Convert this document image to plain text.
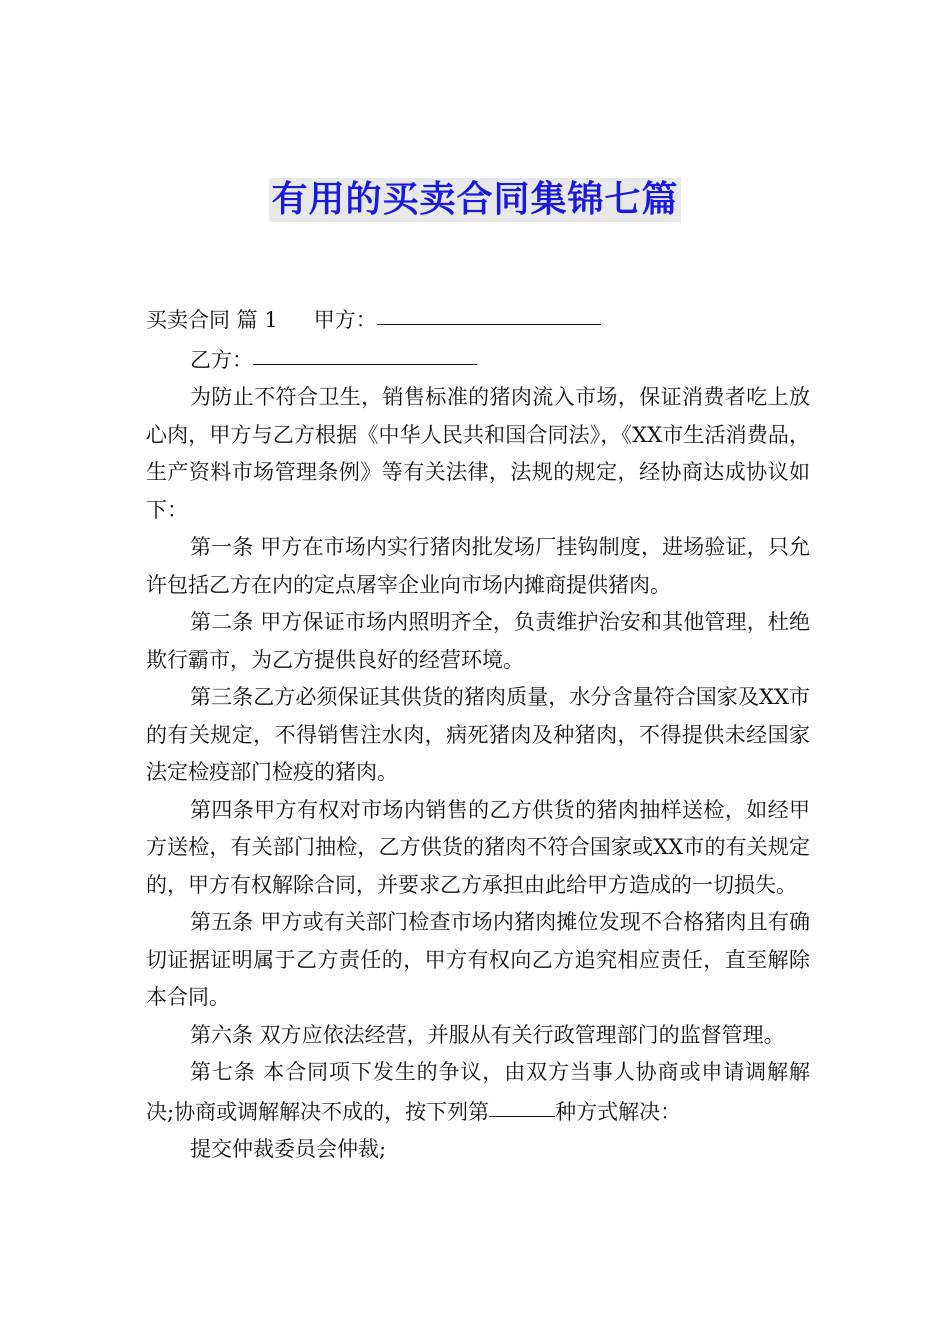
有用的买卖合同集锦七篇

买卖合同 篇 1 甲方：

乙方：

为防止不符合卫生，销售标准的猪肉流入市场，保证消费者吃上放心肉，甲方与乙方根据《中华人民共和国合同法》，《XX市生活消费品，生产资料市场管理条例》等有关法律，法规的规定，经协商达成协议如下：

第一条 甲方在市场内实行猪肉批发场厂挂钩制度，进场验证，只允许包括乙方在内的定点屠宰企业向市场内摊商提供猪肉。

第二条 甲方保证市场内照明齐全，负责维护治安和其他管理，杜绝欺行霸市，为乙方提供良好的经营环境。

第三条乙方必须保证其供货的猪肉质量，水分含量符合国家及XX市的有关规定，不得销售注水肉，病死猪肉及种猪肉，不得提供未经国家法定检疫部门检疫的猪肉。

第四条甲方有权对市场内销售的乙方供货的猪肉抽样送检，如经甲方送检，有关部门抽检，乙方供货的猪肉不符合国家或XX市的有关规定的，甲方有权解除合同，并要求乙方承担由此给甲方造成的一切损失。

第五条 甲方或有关部门检查市场内猪肉摊位发现不合格猪肉且有确切证据证明属于乙方责任的，甲方有权向乙方追究相应责任，直至解除本合同。

第六条 双方应依法经营，并服从有关行政管理部门的监督管理。

第七条 本合同项下发生的争议，由双方当事人协商或申请调解解决;协商或调解解决不成的，按下列第	种方式解决：

提交仲裁委员会仲裁;
